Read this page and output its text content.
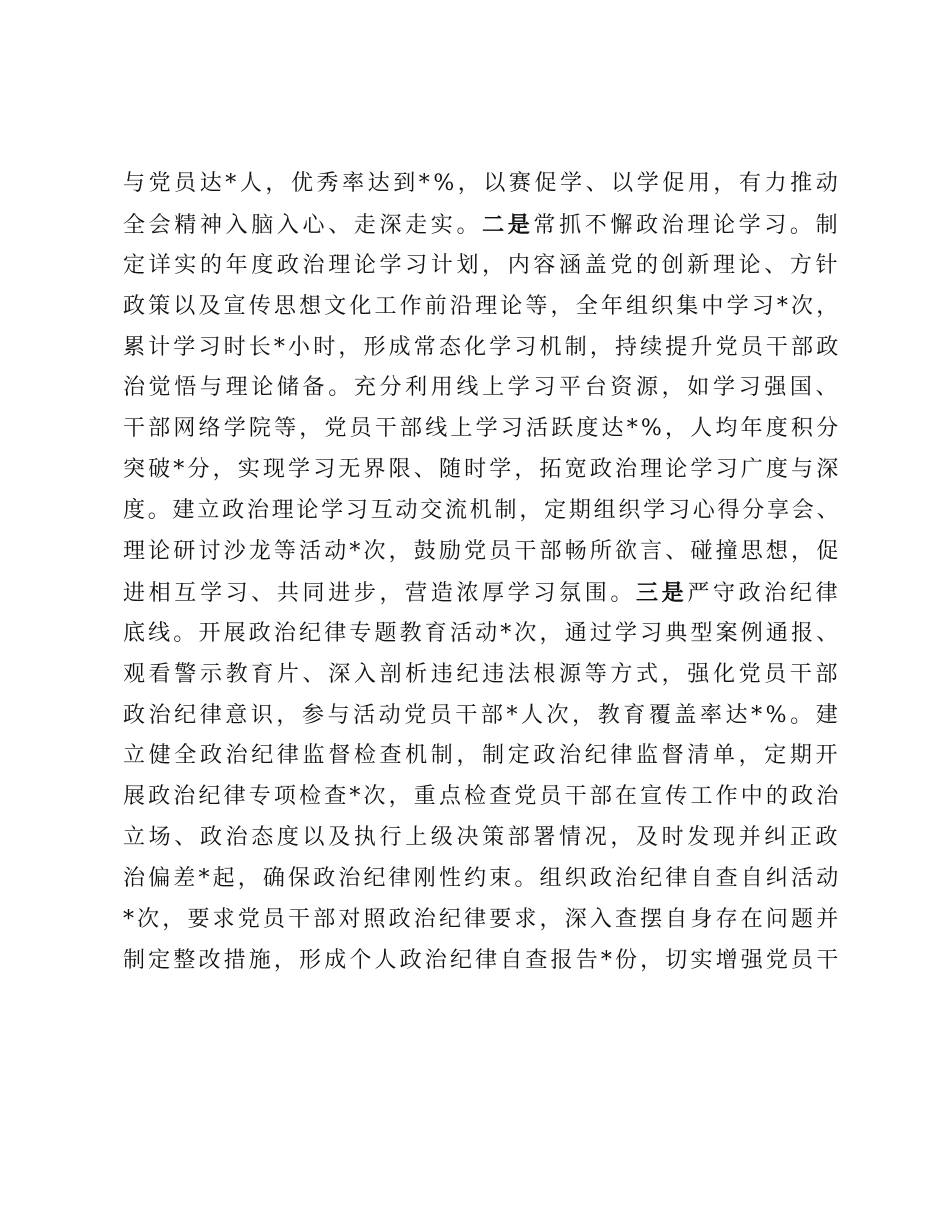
与党员达*人，优秀率达到*%，以赛促学、以学促用，有力推动
全会精神入脑入心、走深走实。二是常抓不懈政治理论学习。制
定详实的年度政治理论学习计划，内容涵盖党的创新理论、方针
政策以及宣传思想文化工作前沿理论等，全年组织集中学习*次，
累计学习时长*小时，形成常态化学习机制，持续提升党员干部政
治觉悟与理论储备。充分利用线上学习平台资源，如学习强国、
干部网络学院等，党员干部线上学习活跃度达*%，人均年度积分
突破*分，实现学习无界限、随时学，拓宽政治理论学习广度与深
度。建立政治理论学习互动交流机制，定期组织学习心得分享会、
理论研讨沙龙等活动*次，鼓励党员干部畅所欲言、碰撞思想，促
进相互学习、共同进步，营造浓厚学习氛围。三是严守政治纪律
底线。开展政治纪律专题教育活动*次，通过学习典型案例通报、
观看警示教育片、深入剖析违纪违法根源等方式，强化党员干部
政治纪律意识，参与活动党员干部*人次，教育覆盖率达*%。建
立健全政治纪律监督检查机制，制定政治纪律监督清单，定期开
展政治纪律专项检查*次，重点检查党员干部在宣传工作中的政治
立场、政治态度以及执行上级决策部署情况，及时发现并纠正政
治偏差*起，确保政治纪律刚性约束。组织政治纪律自查自纠活动
*次，要求党员干部对照政治纪律要求，深入查摆自身存在问题并
制定整改措施，形成个人政治纪律自查报告*份，切实增强党员干
